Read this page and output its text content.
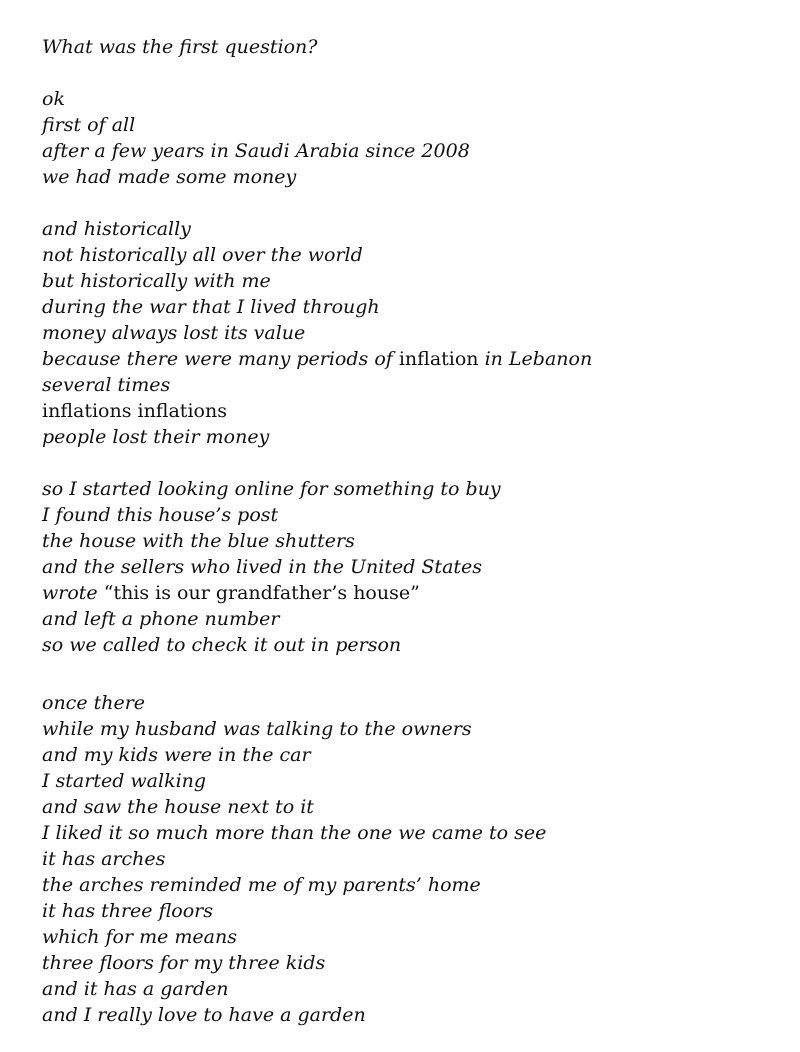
What was the first question?
ok
first of all
after a few years in Saudi Arabia since 2008
we had made some money
and historically
not historically all over the world
but historically with me
during the war that I lived through
money always lost its value
because there were many periods of inflation in Lebanon
several times
inflations inflations
people lost their money
so I started looking online for something to buy
I found this house’s post
the house with the blue shutters
and the sellers who lived in the United States
wrote “this is our grandfather’s house”
and left a phone number
so we called to check it out in person
once there
while my husband was talking to the owners
and my kids were in the car
I started walking
and saw the house next to it
I liked it so much more than the one we came to see
it has arches
the arches reminded me of my parents’ home
it has three floors
which for me means
three floors for my three kids
and it has a garden
and I really love to have a garden
